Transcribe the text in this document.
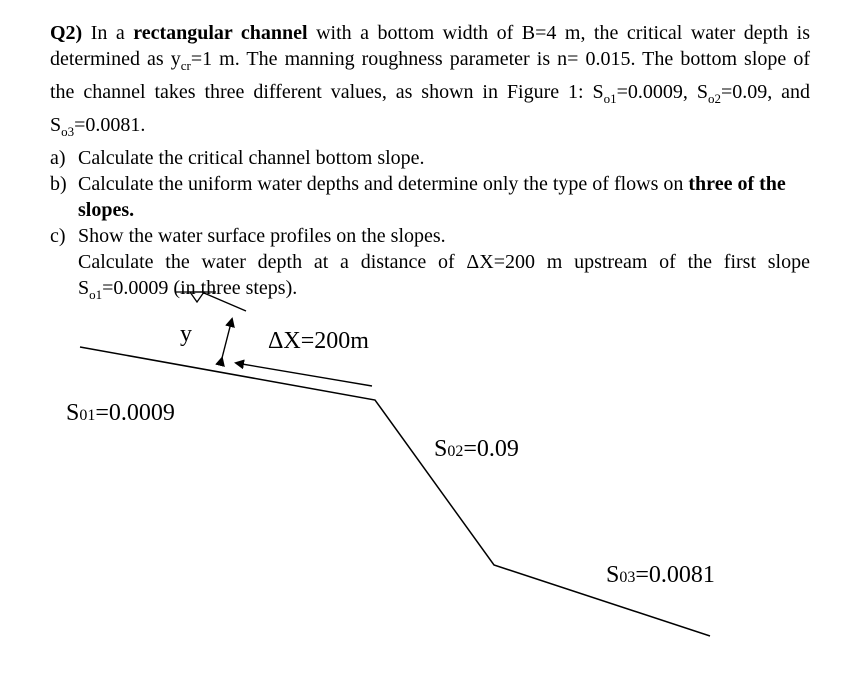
Q2) In a rectangular channel with a bottom width of B=4 m, the critical water depth is determined as $y_{cr}=1$ m. The manning roughness parameter is n= 0.015. The bottom slope of the channel takes three different values, as shown in Figure 1: $S_{o1}=0.0009$, $S_{o2}=0.09$, and $S_{o3}=0.0081$.

a) Calculate the critical channel bottom slope.
b) Calculate the uniform water depths and determine only the type of flows on three of the slopes.
c) Show the water surface profiles on the slopes.

Calculate the water depth at a distance of ΔX=200 m upstream of the first slope $S_{o1}=0.0009$ (in three steps).

y	ΔX=200m
S01=0.0009
S02=0.09
S03=0.0081
